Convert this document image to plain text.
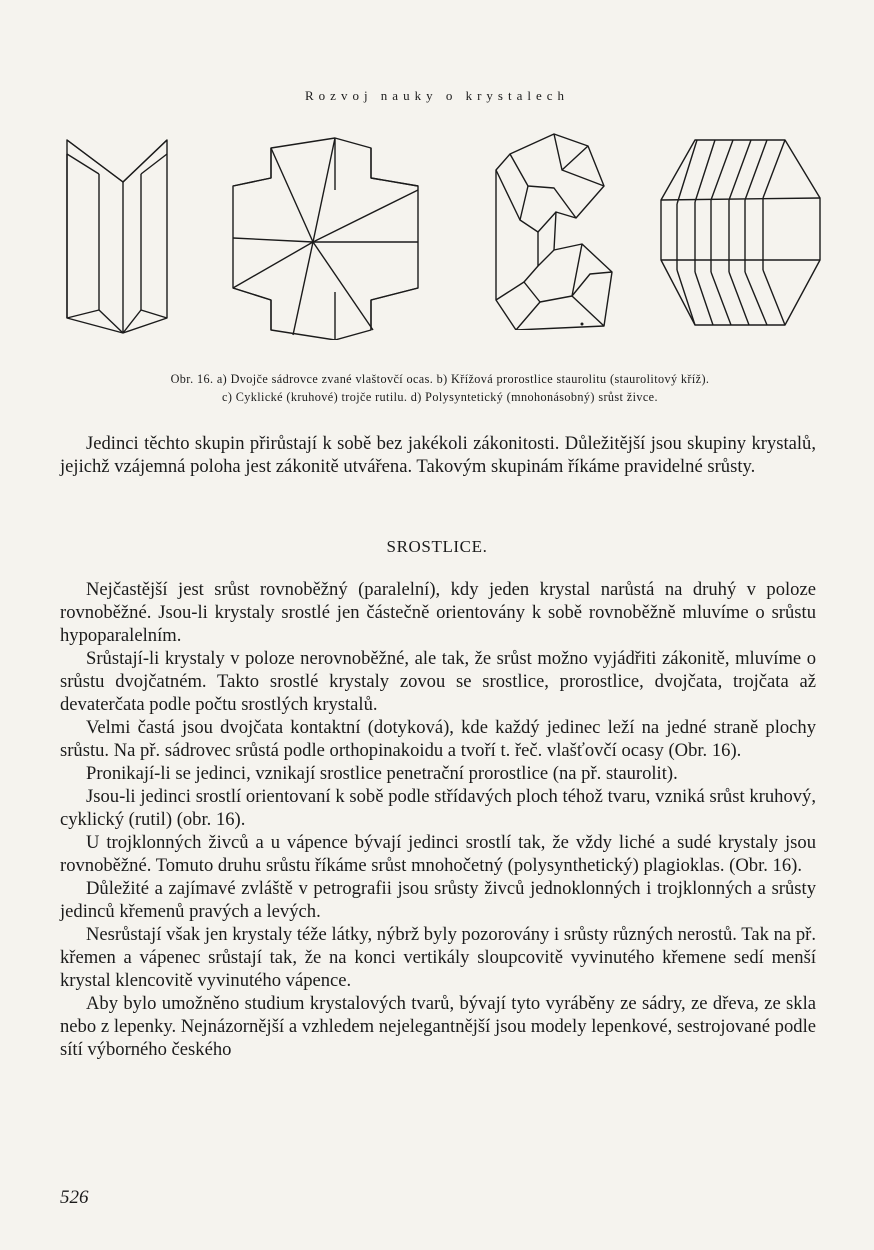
Rozvoj nauky o krystalech
Obr. 16. a) Dvojče sádrovce zvané vlaštovčí ocas. b) Křížová prorostlice staurolitu (staurolitový kříž).
c) Cyklické (kruhové) trojče rutilu. d) Polysyntetický (mnohonásobný) srůst živce.

Jedinci těchto skupin přirůstají k sobě bez jakékoli zákonitosti. Důležitější jsou skupiny krystalů, jejichž vzájemná poloha jest zákonitě utvářena. Takovým skupinám říkáme pravidelné srůsty.

SROSTLICE.

Nejčastější jest srůst rovnoběžný (paralelní), kdy jeden krystal narůstá na druhý v poloze rovnoběžné. Jsou-li krystaly srostlé jen částečně orientovány k sobě rovnoběžně mluvíme o srůstu hypoparalelním.

Srůstají-li krystaly v poloze nerovnoběžné, ale tak, že srůst možno vyjádřiti zákonitě, mluvíme o srůstu dvojčatném. Takto srostlé krystaly zovou se srostlice, prorostlice, dvojčata, trojčata až devaterčata podle počtu srostlých krystalů.

Velmi častá jsou dvojčata kontaktní (dotyková), kde každý jedinec leží na jedné straně plochy srůstu. Na př. sádrovec srůstá podle orthopinakoidu a tvoří t. řeč. vlašťovčí ocasy (Obr. 16).

Pronikají-li se jedinci, vznikají srostlice penetrační prorostlice (na př. staurolit).

Jsou-li jedinci srostlí orientovaní k sobě podle střídavých ploch téhož tvaru, vzniká srůst kruhový, cyklický (rutil) (obr. 16).

U trojklonných živců a u vápence bývají jedinci srostlí tak, že vždy liché a sudé krystaly jsou rovnoběžné. Tomuto druhu srůstu říkáme srůst mnohočetný (polysynthetický) plagioklas. (Obr. 16).

Důležité a zajímavé zvláště v petrografii jsou srůsty živců jednoklonných i trojklonných a srůsty jedinců křemenů pravých a levých.

Nesrůstají však jen krystaly téže látky, nýbrž byly pozorovány i srůsty různých nerostů. Tak na př. křemen a vápenec srůstají tak, že na konci vertikály sloupcovitě vyvinutého křemene sedí menší krystal klencovitě vyvinutého vápence.

Aby bylo umožněno studium krystalových tvarů, bývají tyto vyráběny ze sádry, ze dřeva, ze skla nebo z lepenky. Nejnázornější a vzhledem nejelegantnější jsou modely lepenkové, sestrojované podle sítí výborného českého

526
